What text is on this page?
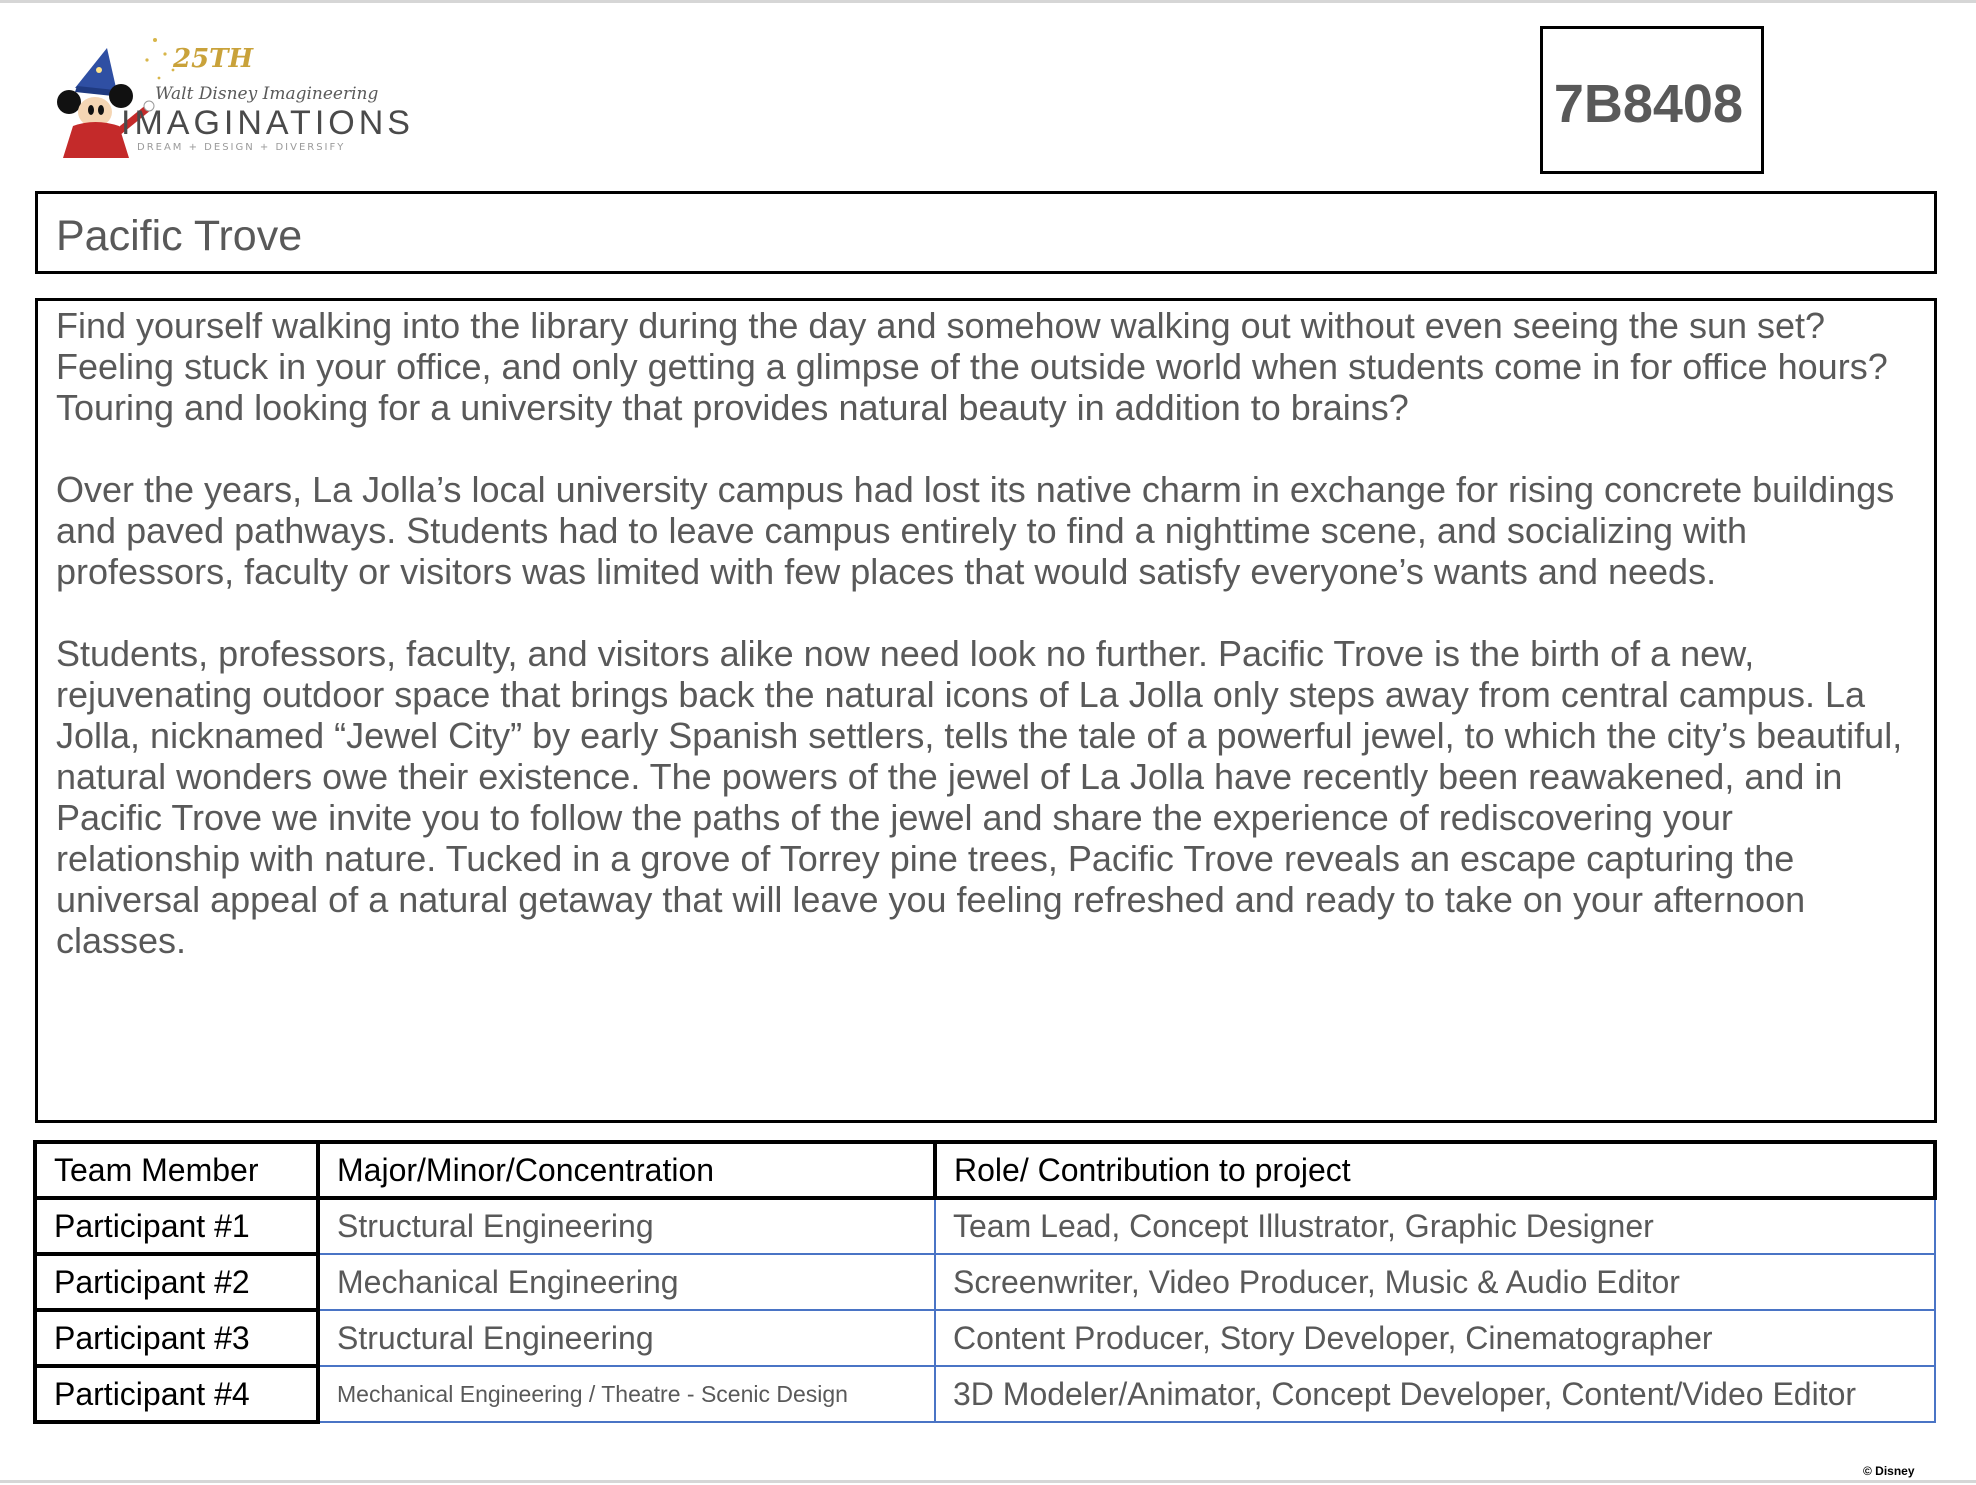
25TH
Walt Disney Imagineering
IMAGINATIONS
DREAM + DESIGN + DIVERSIFY
7B8408
Pacific Trove

Find yourself walking into the library during the day and somehow walking out without even seeing the sun set? Feeling stuck in your office, and only getting a glimpse of the outside world when students come in for office hours? Touring and looking for a university that provides natural beauty in addition to brains?

Over the years, La Jolla’s local university campus had lost its native charm in exchange for rising concrete buildings and paved pathways. Students had to leave campus entirely to find a nighttime scene, and socializing with professors, faculty or visitors was limited with few places that would satisfy everyone’s wants and needs.

Students, professors, faculty, and visitors alike now need look no further. Pacific Trove is the birth of a new, rejuvenating outdoor space that brings back the natural icons of La Jolla only steps away from central campus. La Jolla, nicknamed “Jewel City” by early Spanish settlers, tells the tale of a powerful jewel, to which the city’s beautiful, natural wonders owe their existence. The powers of the jewel of La Jolla have recently been reawakened, and in Pacific Trove we invite you to follow the paths of the jewel and share the experience of rediscovering your relationship with nature. Tucked in a grove of Torrey pine trees, Pacific Trove reveals an escape capturing the universal appeal of a natural getaway that will leave you feeling refreshed and ready to take on your afternoon classes.

Team Member	Major/Minor/Concentration	Role/ Contribution to project
Participant #1	Structural Engineering	Team Lead, Concept Illustrator, Graphic Designer
Participant #2	Mechanical Engineering	Screenwriter, Video Producer, Music & Audio Editor
Participant #3	Structural Engineering	Content Producer, Story Developer, Cinematographer
Participant #4	Mechanical Engineering / Theatre - Scenic Design	3D Modeler/Animator, Concept Developer, Content/Video Editor
© Disney
